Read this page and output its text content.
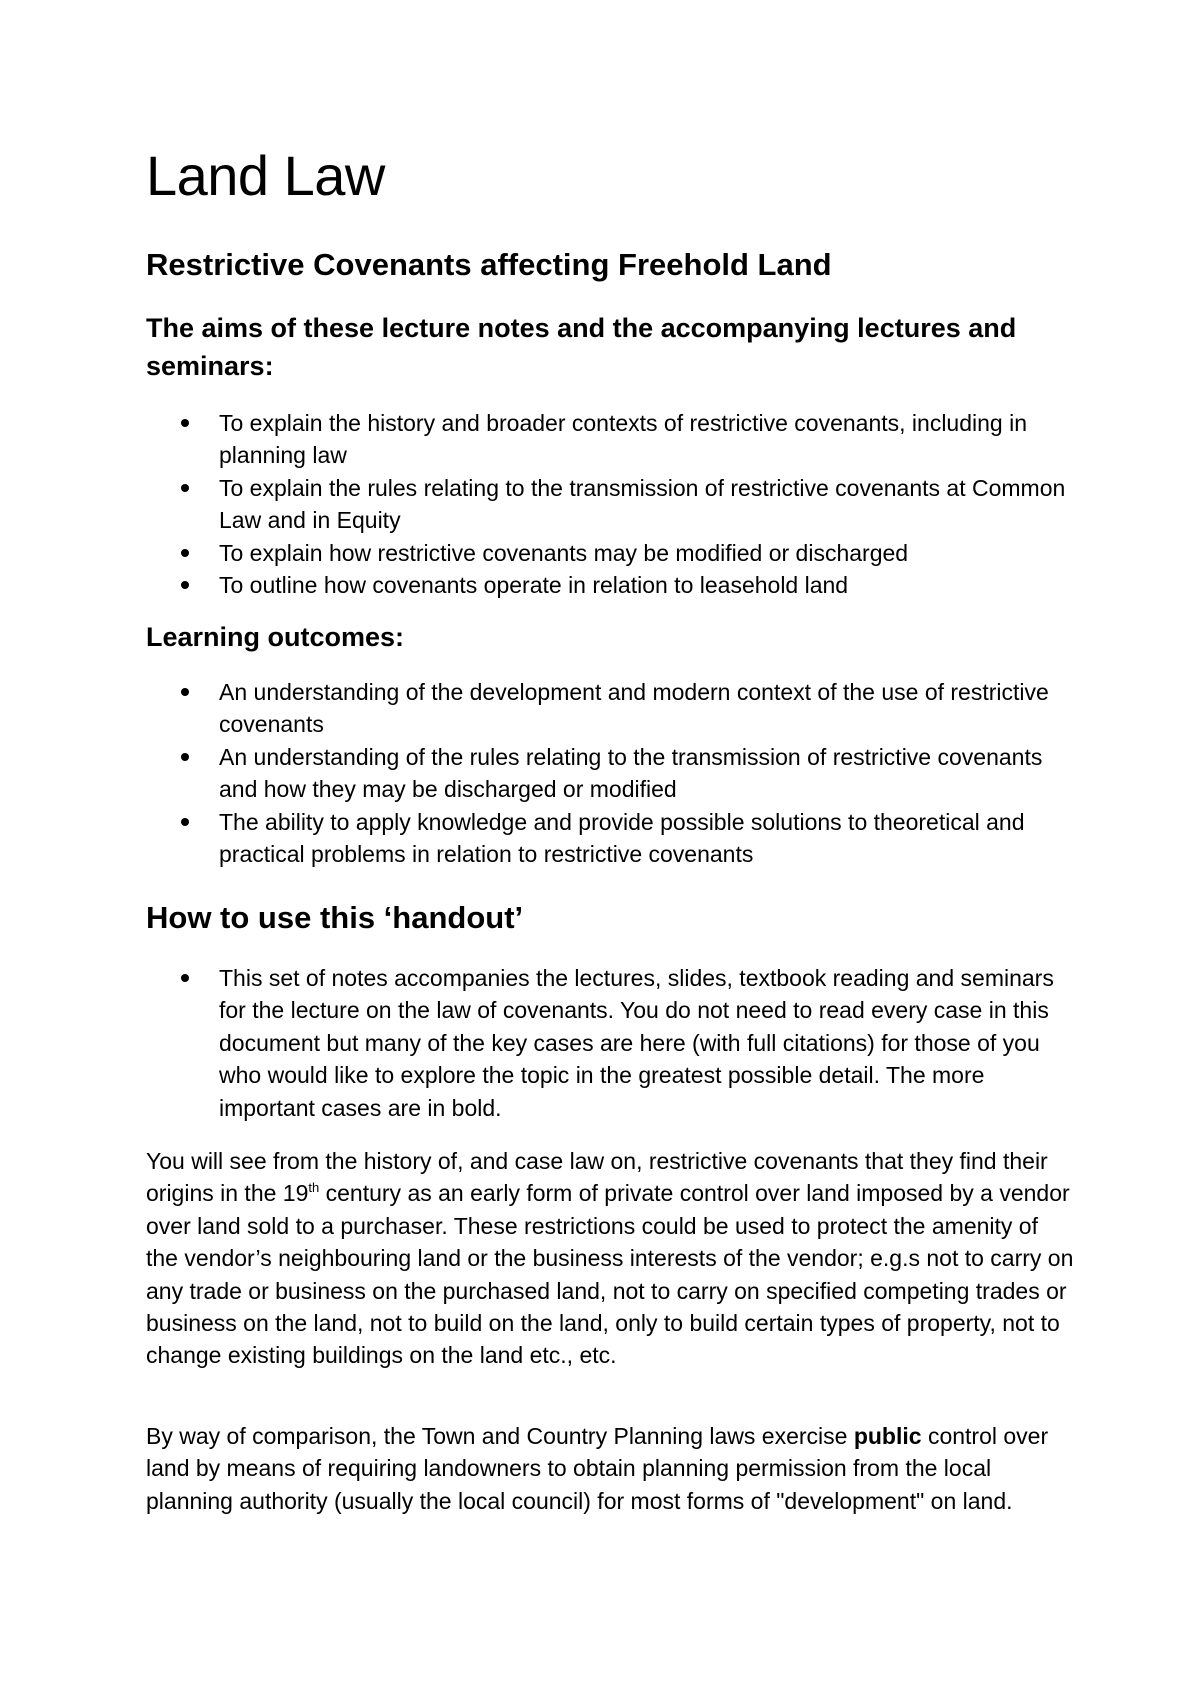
Land Law
Restrictive Covenants affecting Freehold Land
The aims of these lecture notes and the accompanying lectures and seminars:
To explain the history and broader contexts of restrictive covenants, including in planning law
To explain the rules relating to the transmission of restrictive covenants at Common Law and in Equity
To explain how restrictive covenants may be modified or discharged
To outline how covenants operate in relation to leasehold land
Learning outcomes:
An understanding of the development and modern context of the use of restrictive covenants
An understanding of the rules relating to the transmission of restrictive covenants and how they may be discharged or modified
The ability to apply knowledge and provide possible solutions to theoretical and practical problems in relation to restrictive covenants
How to use this ‘handout’
This set of notes accompanies the lectures, slides, textbook reading and seminars for the lecture on the law of covenants. You do not need to read every case in this document but many of the key cases are here (with full citations) for those of you who would like to explore the topic in the greatest possible detail. The more important cases are in bold.

You will see from the history of, and case law on, restrictive covenants that they find their origins in the 19th century as an early form of private control over land imposed by a vendor over land sold to a purchaser. These restrictions could be used to protect the amenity of the vendor’s neighbouring land or the business interests of the vendor; e.g.s not to carry on any trade or business on the purchased land, not to carry on specified competing trades or business on the land, not to build on the land, only to build certain types of property, not to change existing buildings on the land etc., etc.

By way of comparison, the Town and Country Planning laws exercise public control over land by means of requiring landowners to obtain planning permission from the local planning authority (usually the local council) for most forms of "development" on land.
